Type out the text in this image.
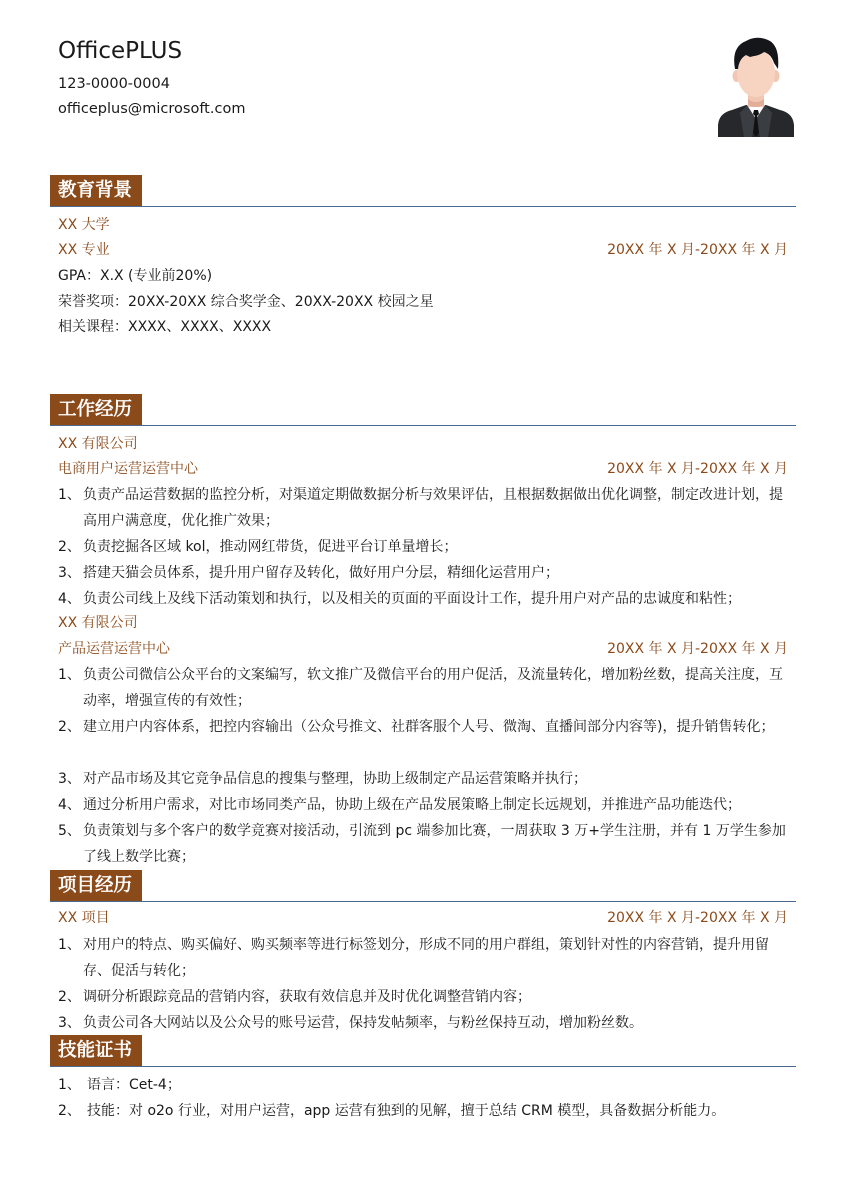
OfficePLUS
123-0000-0004
officeplus@microsoft.com
教育背景
XX 大学
XX 专业	20XX 年 X 月-20XX 年 X 月
GPA：X.X (专业前20%)
荣誉奖项：20XX-20XX 综合奖学金、20XX-20XX 校园之星
相关课程：XXXX、XXXX、XXXX
工作经历
XX 有限公司
电商用户运营运营中心	20XX 年 X 月-20XX 年 X 月
1、 负责产品运营数据的监控分析，对渠道定期做数据分析与效果评估，且根据数据做出优化调整，制定改进计划，提高用户满意度，优化推广效果；
2、 负责挖掘各区域 kol，推动网红带货，促进平台订单量增长；
3、 搭建天猫会员体系，提升用户留存及转化，做好用户分层，精细化运营用户；
4、 负责公司线上及线下活动策划和执行，以及相关的页面的平面设计工作，提升用户对产品的忠诚度和粘性；
XX 有限公司
产品运营运营中心	20XX 年 X 月-20XX 年 X 月
1、 负责公司微信公众平台的文案编写，软文推广及微信平台的用户促活，及流量转化，增加粉丝数，提高关注度，互动率，增强宣传的有效性；
2、 建立用户内容体系，把控内容输出（公众号推文、社群客服个人号、微淘、直播间部分内容等)，提升销售转化；
3、 对产品市场及其它竞争品信息的搜集与整理，协助上级制定产品运营策略并执行；
4、 通过分析用户需求，对比市场同类产品，协助上级在产品发展策略上制定长远规划，并推进产品功能迭代；
5、 负责策划与多个客户的数学竞赛对接活动，引流到 pc 端参加比赛，一周获取 3 万+学生注册，并有 1 万学生参加了线上数学比赛；
项目经历
XX 项目	20XX 年 X 月-20XX 年 X 月
1、 对用户的特点、购买偏好、购买频率等进行标签划分，形成不同的用户群组，策划针对性的内容营销，提升用留存、促活与转化；
2、 调研分析跟踪竞品的营销内容，获取有效信息并及时优化调整营销内容；
3、 负责公司各大网站以及公众号的账号运营，保持发帖频率，与粉丝保持互动，增加粉丝数。
技能证书
1、 语言：Cet-4；
2、 技能：对 o2o 行业，对用户运营，app 运营有独到的见解，擅于总结 CRM 模型，具备数据分析能力。
